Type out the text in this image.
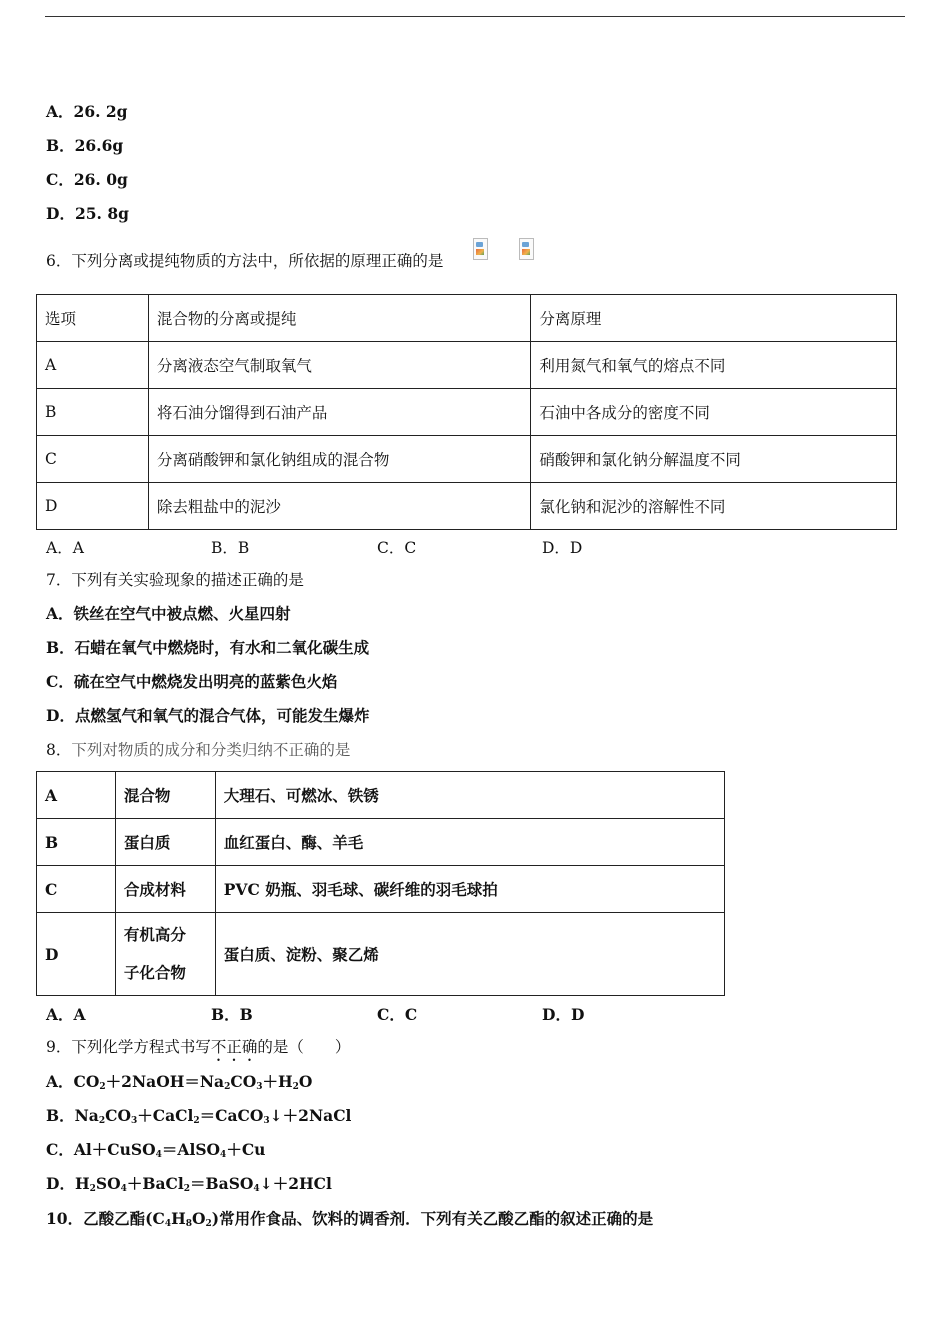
A．26. 2g
B．26.6g
C．26. 0g
D．25. 8g
6．下列分离或提纯物质的方法中，所依据的原理正确的是
选项	混合物的分离或提纯	分离原理
A	分离液态空气制取氧气	利用氮气和氧气的熔点不同
B	将石油分馏得到石油产品	石油中各成分的密度不同
C	分离硝酸钾和氯化钠组成的混合物	硝酸钾和氯化钠分解温度不同
D	除去粗盐中的泥沙	氯化钠和泥沙的溶解性不同
A．A	B．B	C．C	D．D
7．下列有关实验现象的描述正确的是
A．铁丝在空气中被点燃、火星四射
B．石蜡在氧气中燃烧时，有水和二氧化碳生成
C．硫在空气中燃烧发出明亮的蓝紫色火焰
D．点燃氢气和氧气的混合气体，可能发生爆炸
8．下列对物质的成分和分类归纳不正确的是
A	混合物	大理石、可燃冰、铁锈
B	蛋白质	血红蛋白、酶、羊毛
C	合成材料	PVC 奶瓶、羽毛球、碳纤维的羽毛球拍
D	有机高分
子化合物	蛋白质、淀粉、聚乙烯
A．A	B．B	C．C	D．D
9．下列化学方程式书写不正确的是（　　）
A．$CO_2+2NaOH=Na_2CO_3+H_2O$
B．$Na_2CO_3+CaCl_2=CaCO_3↓+2NaCl$
C．Al＋CuSO$_4$＝AlSO$_4$＋Cu
D．$H_2SO_4+BaCl_2=BaSO_4↓+2HCl$
10．乙酸乙酯$(C_4H_8O_2)$常用作食品、饮料的调香剂．下列有关乙酸乙酯的叙述正确的是
